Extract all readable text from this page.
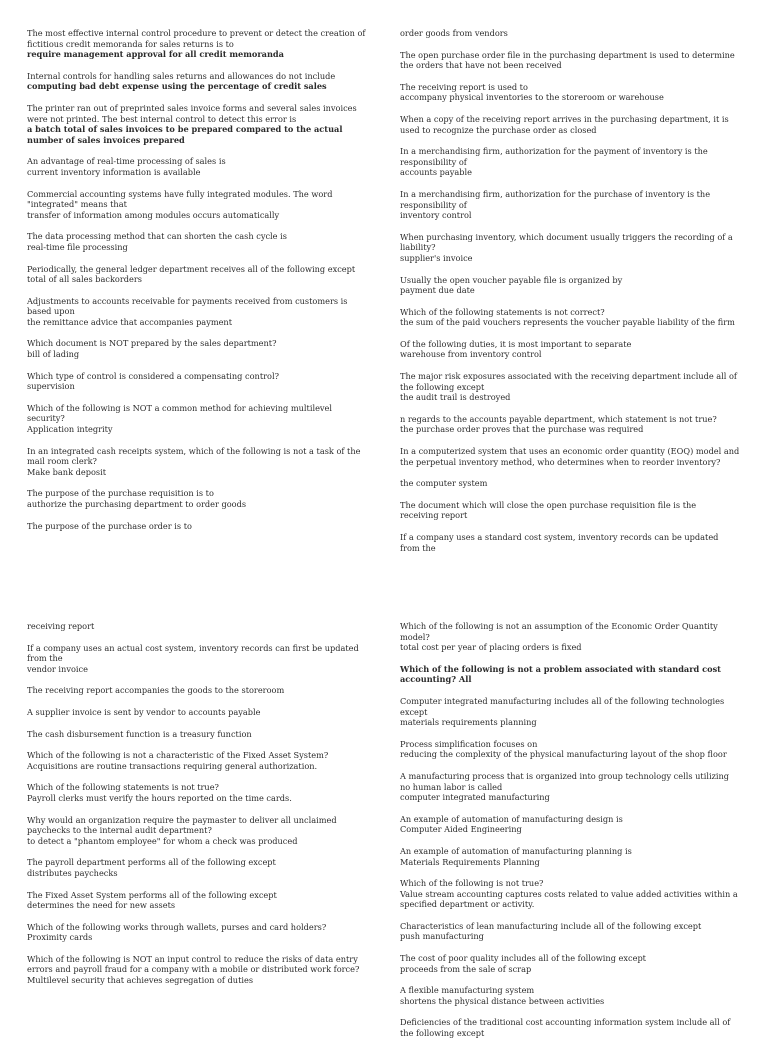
The most effective internal control procedure to prevent or detect the creation of fictitious credit memoranda for sales returns is to
require management approval for all credit memoranda
Internal controls for handling sales returns and allowances do not include
computing bad debt expense using the percentage of credit sales
The printer ran out of preprinted sales invoice forms and several sales invoices were not printed. The best internal control to detect this error is
a batch total of sales invoices to be prepared compared to the actual number of sales invoices prepared
An advantage of real-time processing of sales is
current inventory information is available
Commercial accounting systems have fully integrated modules. The word "integrated" means that
transfer of information among modules occurs automatically
The data processing method that can shorten the cash cycle is
real-time file processing
Periodically, the general ledger department receives all of the following except
total of all sales backorders
Adjustments to accounts receivable for payments received from customers is based upon
the remittance advice that accompanies payment
Which document is NOT prepared by the sales department?
bill of lading
Which type of control is considered a compensating control?
supervision
Which of the following is NOT a common method for achieving multilevel security?
Application integrity
In an integrated cash receipts system, which of the following is not a task of the mail room clerk?
Make bank deposit
The purpose of the purchase requisition is to
authorize the purchasing department to order goods
The purpose of the purchase order is to
order goods from vendors
The open purchase order file in the purchasing department is used to determine
the orders that have not been received
The receiving report is used to
accompany physical inventories to the storeroom or warehouse
When a copy of the receiving report arrives in the purchasing department, it is used to recognize the purchase order as closed
In a merchandising firm, authorization for the payment of inventory is the responsibility of
accounts payable
In a merchandising firm, authorization for the purchase of inventory is the responsibility of
inventory control
When purchasing inventory, which document usually triggers the recording of a liability?
supplier's invoice
Usually the open voucher payable file is organized by
payment due date
Which of the following statements is not correct?
the sum of the paid vouchers represents the voucher payable liability of the firm
Of the following duties, it is most important to separate
warehouse from inventory control
The major risk exposures associated with the receiving department include all of the following except
the audit trail is destroyed
n regards to the accounts payable department, which statement is not true?
the purchase order proves that the purchase was required
In a computerized system that uses an economic order quantity (EOQ) model and the perpetual inventory method, who determines when to reorder inventory?
the computer system
The document which will close the open purchase requisition file is the
receiving report
If a company uses a standard cost system, inventory records can be updated from the
receiving report
If a company uses an actual cost system, inventory records can first be updated from the
vendor invoice
The receiving report accompanies the goods to the storeroom
A supplier invoice is sent by vendor to accounts payable
The cash disbursement function is a treasury function
Which of the following is not a characteristic of the Fixed Asset System?
Acquisitions are routine transactions requiring general authorization.
Which of the following statements is not true?
Payroll clerks must verify the hours reported on the time cards.
Why would an organization require the paymaster to deliver all unclaimed paychecks to the internal audit department?
to detect a "phantom employee" for whom a check was produced
The payroll department performs all of the following except
distributes paychecks
The Fixed Asset System performs all of the following except
determines the need for new assets
Which of the following works through wallets, purses and card holders?
Proximity cards
Which of the following is NOT an input control to reduce the risks of data entry errors and payroll fraud for a company with a mobile or distributed work force?
Multilevel security that achieves segregation of duties
Which of the following is not an assumption of the Economic Order Quantity model?
total cost per year of placing orders is fixed
Which of the following is not a problem associated with standard cost accounting? All
Computer integrated manufacturing includes all of the following technologies except
materials requirements planning
Process simplification focuses on
reducing the complexity of the physical manufacturing layout of the shop floor
A manufacturing process that is organized into group technology cells utilizing no human labor is called
computer integrated manufacturing
An example of automation of manufacturing design is
Computer Aided Engineering
An example of automation of manufacturing planning is
Materials Requirements Planning
Which of the following is not true?
Value stream accounting captures costs related to value added activities within a specified department or activity.
Characteristics of lean manufacturing include all of the following except
push manufacturing
The cost of poor quality includes all of the following except
proceeds from the sale of scrap
A flexible manufacturing system
shortens the physical distance between activities
Deficiencies of the traditional cost accounting information system include all of the following except
